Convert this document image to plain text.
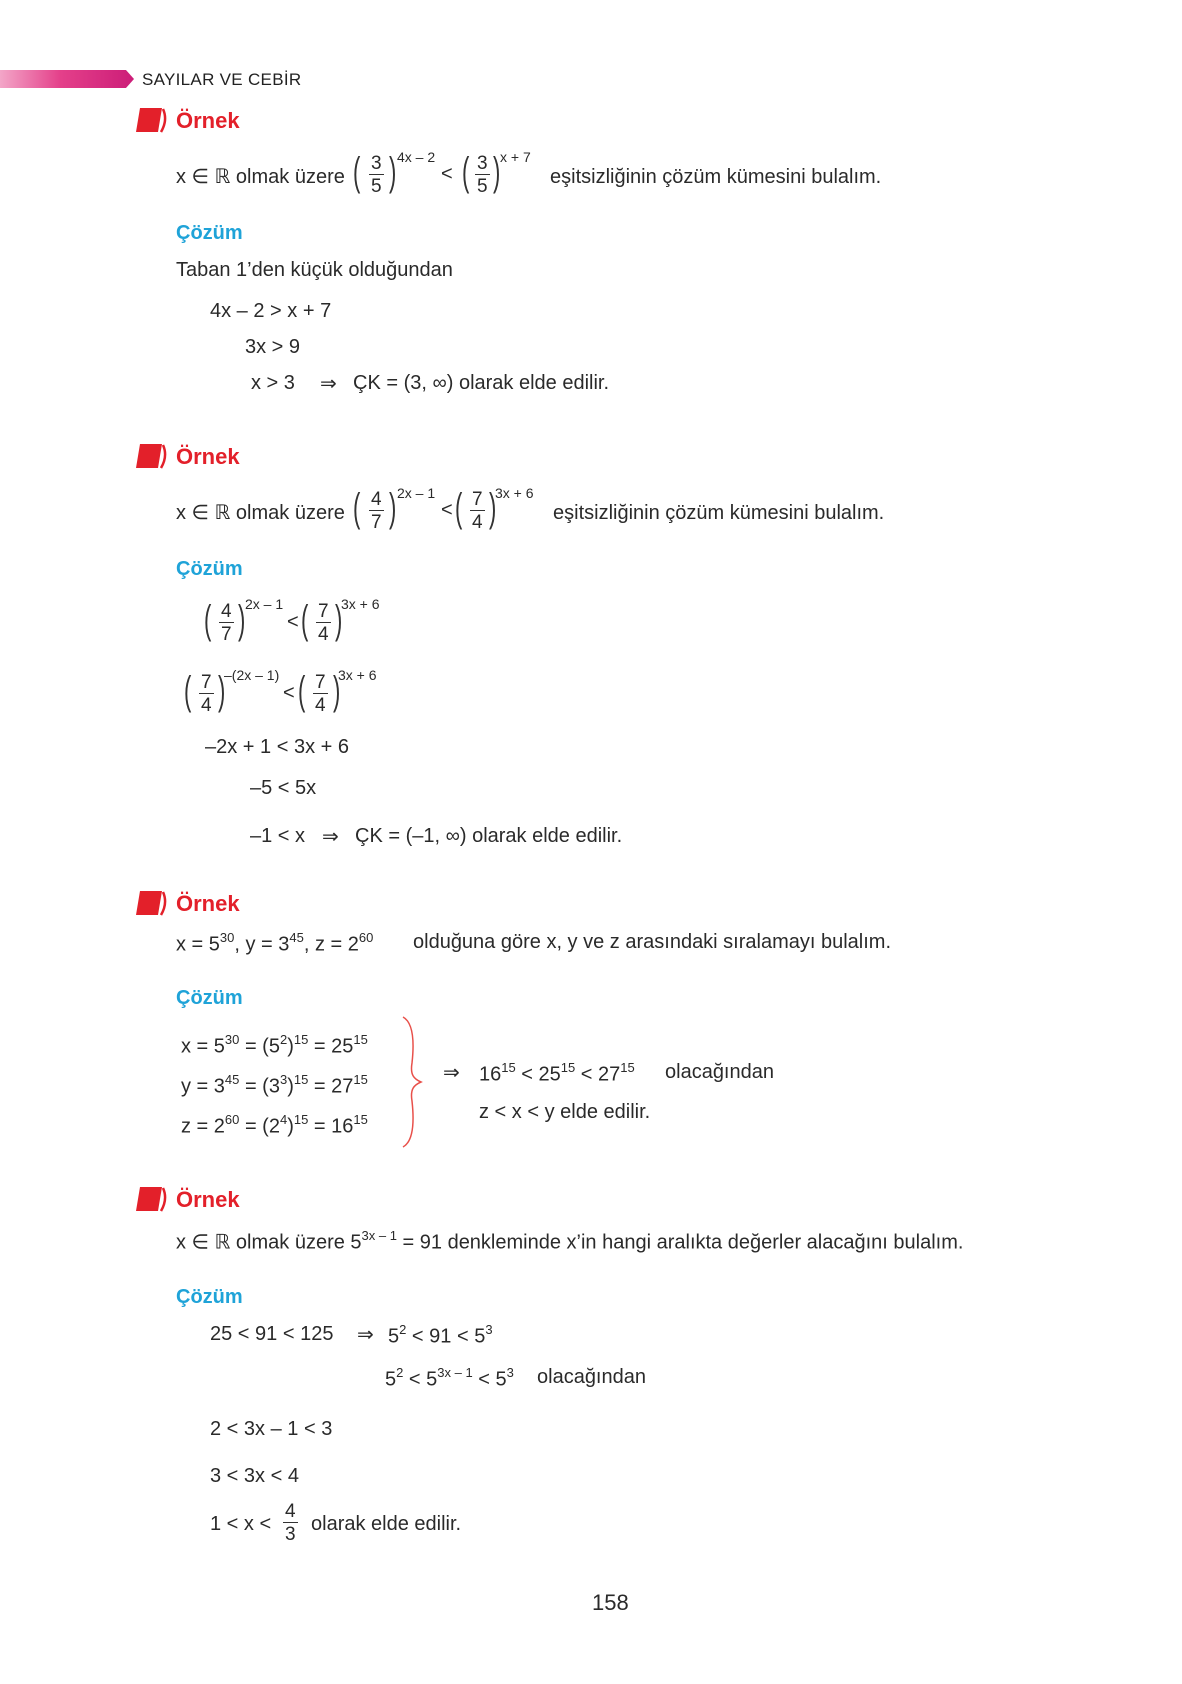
SAYILAR VE CEBİR
Örnek
x ∈ ℝ olmak üzere ( $\frac{3}{5}$ ) 4x – 2
< ( $\frac{3}{5}$ ) x + 7
eşitsizliğinin çözüm kümesini bulalım.
Çözüm
Taban 1’den küçük olduğundan
4x – 2 > x + 7
3x > 9
x > 3 ⇒ ÇK = (3, ∞) olarak elde edilir.
Örnek
x ∈ ℝ olmak üzere ( $\frac{4}{7}$ ) 2x – 1
< ( $\frac{7}{4}$ )
3x + 6
eşitsizliğinin çözüm kümesini bulalım.
Çözüm
( $\frac{4}{7}$ ) 2x – 1
< ( $\frac{7}{4}$ )
3x + 6
( $\frac{7}{4}$ )
–(2x – 1)
< ( $\frac{7}{4}$ )
3x + 6
–2x + 1 < 3x + 6
–5 < 5x
–1 < x ⇒ ÇK = (–1, ∞) olarak elde edilir.
Örnek
$x = 5^{30}$, $y = 3^{45}$, $z = 2^{60}$ olduğuna göre x, y ve z arasındaki sıralamayı bulalım.
Çözüm
$x = 5^{30} = (5^2)^{15} = 25^{15}$
$y = 3^{45} = (3^3)^{15} = 27^{15}$
$z = 2^{60} = (2^4)^{15} = 16^{15}$
⇒ $16^{15} < 25^{15} < 27^{15}$ olacağından
z < x < y elde edilir.
Örnek
x ∈ ℝ olmak üzere $5^{3x - 1} = 91$ denkleminde x’in hangi aralıkta değerler alacağını bulalım.
Çözüm
25 < 91 < 125 ⇒ $5^2 < 91 < 5^3$
$5^2 < 5^{3x - 1} < 5^3$ olacağından
2 < 3x – 1 < 3
3 < 3x < 4
$1 < x < \frac{4}{3}$ olarak elde edilir.
158
